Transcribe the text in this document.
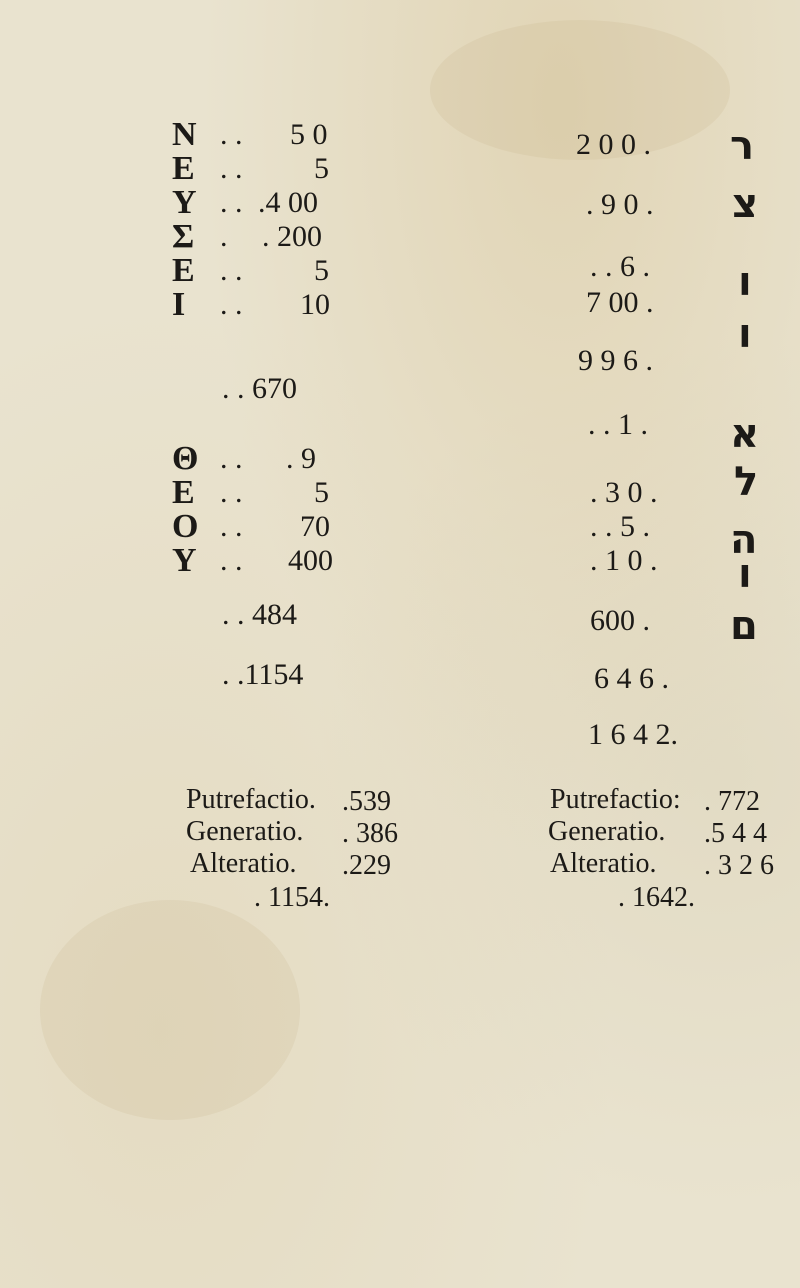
N
E
Y
Σ
E
I
. .
. .
. .
.
. .
. .
5 0
5
.4 00
. 200
5
10
. . 670
Θ
E
O
Y
. .
. .
. .
. .
. 9
5
70
400
. . 484
. .1154
2 0 0 .
. 9 0 .
. . 6 .
7 00 .
9 9 6 .
. . 1 .
. 3 0 .
. . 5 .
. 1 0 .
600 .
6 4 6 .
1 6 4 2.
ר
צ
ו
ו
א
ל
ה
ו
ם
Putrefactio. .539
Generatio. . 386
Alteratio. .229
. 1154.
Putrefactio: . 772
Generatio. .5 4 4
Alteratio. . 3 2 6
. 1642.
